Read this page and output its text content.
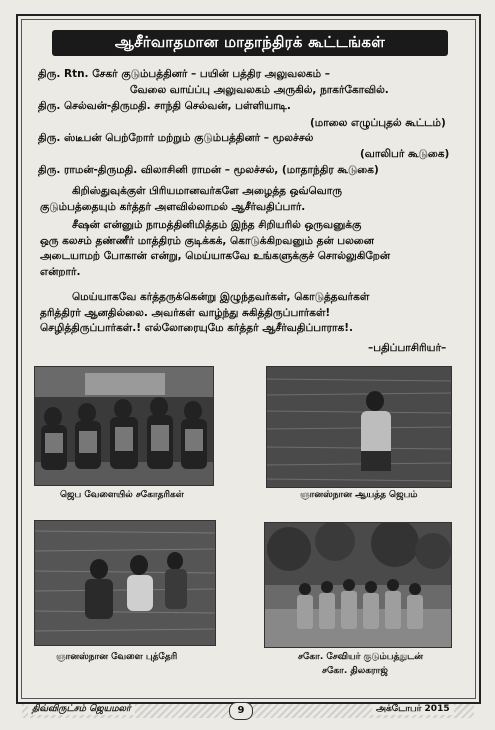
ஆசீர்வாதமான மாதாந்திரக் கூட்டங்கள்
திரு. Rtn. சேகர் குடும்பத்தினர் – பயின் பத்திர அலுவலகம் –
வேலை வாய்ப்பு அலுவலகம் அருகில், நாகர்கோவில்.
திரு. செல்வன்-திருமதி. சாந்தி செல்வன், பள்ளியாடி.
(மாலை எழுப்புதல் கூட்டம்)
திரு. ஸ்டீபன் பெற்றோர் மற்றும் குடும்பத்தினர் – மூலச்சல்
(வாலிபர் கூடுகை)
திரு. ராமன்-திருமதி. விலாசினி ராமன் – மூலச்சல், (மாதாந்திர கூடுகை)
கிறிஸ்துவுக்குள் பிரியமானவர்களே அழைத்த ஒவ்வொரு
குடும்பத்தையும் கர்த்தர் அளவில்லாமல் ஆசீர்வதிப்பார்.
சீஷன் என்னும் நாமத்தினிமித்தம் இந்த சிறியரில் ஒருவனுக்கு
ஒரு கலசம் தண்ணீர் மாத்திரம் குடிக்கக், கொடுக்கிறவனும் தன் பலனை
அடையாமற் போகான் என்று, மெய்யாகவே உங்களுக்குச் சொல்லுகிறேன்
என்றார்.
மெய்யாகவே கர்த்தருக்கென்று இழுந்தவர்கள், கொடுத்தவர்கள்
தரித்திரர் ஆனதில்லை. அவர்கள் வாழ்ந்து சுகித்திருப்பார்கள்!
செழித்திருப்பார்கள்.! எல்லோரையுமே கர்த்தர் ஆசீர்வதிப்பாராக!.
–பதிப்பாசிரியர்–
ஜெப வேளையில் சகோதரிகள்	ஞானஸ்நான ஆயத்த ஜெபம்
ஞானஸ்நான வேளை புத்தேரி	சகோ. சேவியர் குடும்பத்துடன்
சகோ. திலகராஜ்
திவ்விருட்சம் ஜெயமலர்	9	அக்டோபர் 2015
